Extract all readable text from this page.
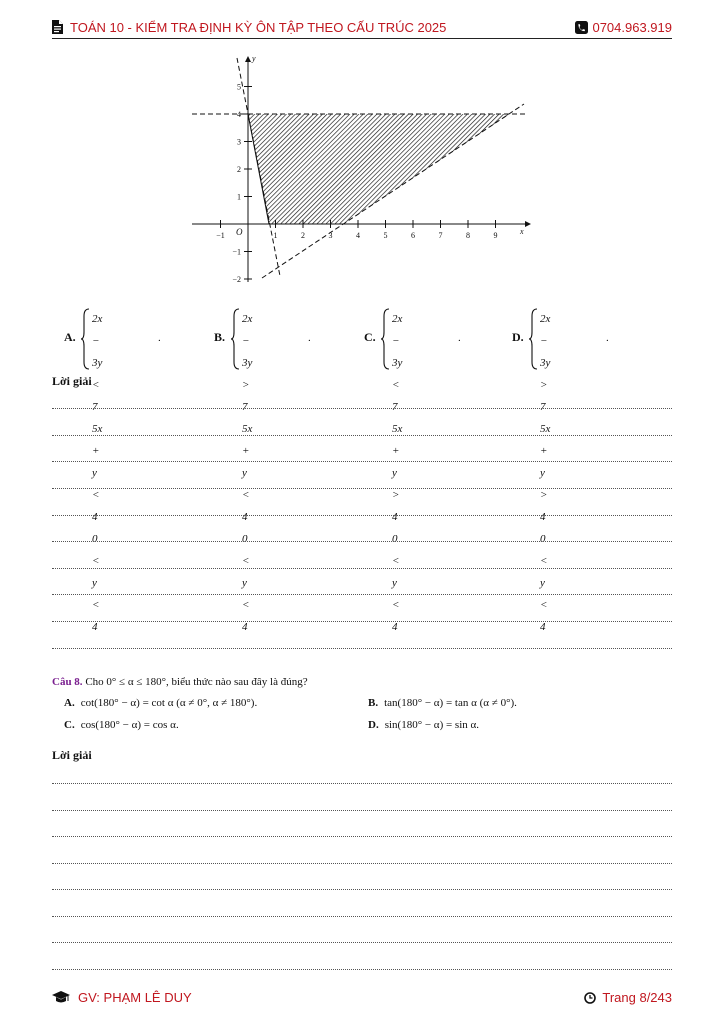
TOÁN 10 - KIỂM TRA ĐỊNH KỲ ÔN TẬP THEO CẤU TRÚC 2025	0704.963.919
−1	1	2	3	4	5	6	7	8	9
−2
−1
1
2
3
4
5
O	x
y
A.
2x − 3y < 7
5x + y < 4
0 < y < 4
.	B.
2x − 3y > 7
5x + y < 4
0 < y < 4
.	C.
2x − 3y < 7
5x + y > 4
0 < y < 4
.	D.
2x − 3y > 7
5x + y > 4
0 < y < 4
.
Lời giải
Câu 8. Cho 0° ≤ α ≤ 180°, biểu thức nào sau đây là đúng?
A. cot(180° − α) = cot α (α ≠ 0°, α ≠ 180°).	B. tan(180° − α) = tan α (α ≠ 0°).
C. cos(180° − α) = cos α.	D. sin(180° − α) = sin α.
Lời giải
GV: PHẠM LÊ DUY	Trang 8/243
